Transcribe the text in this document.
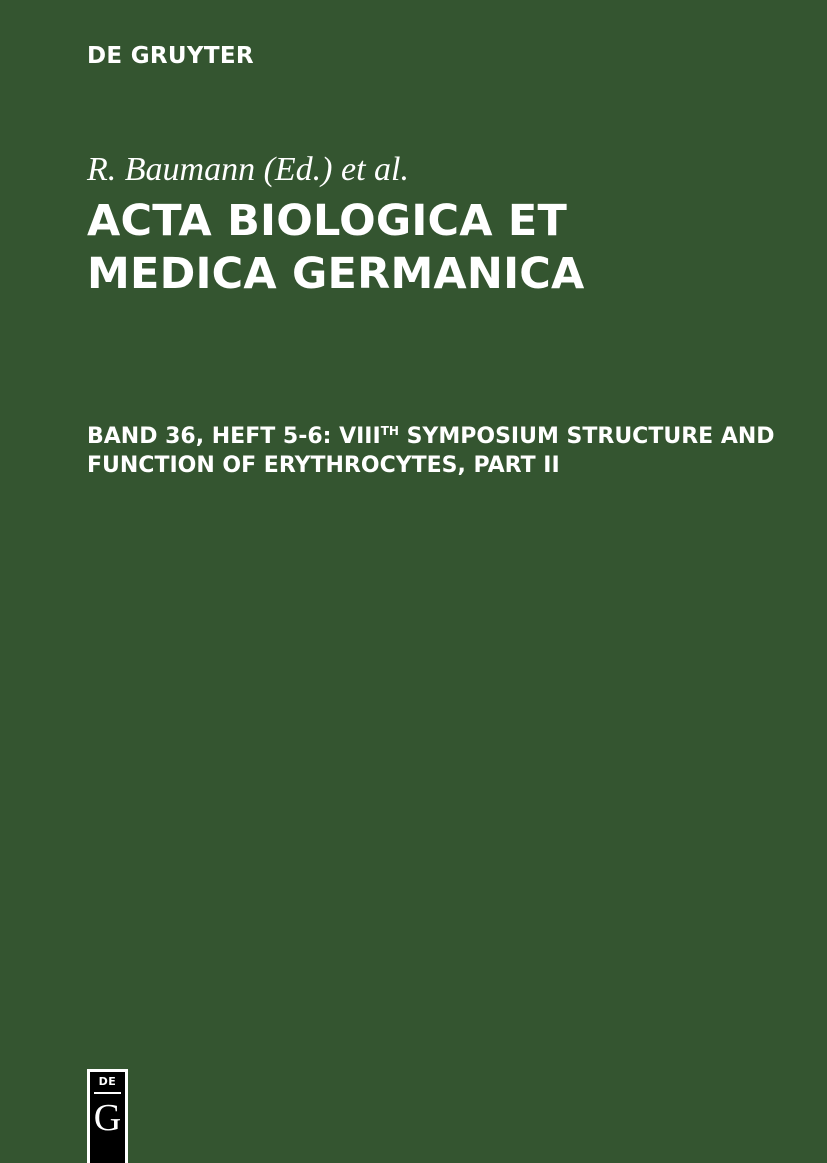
DE GRUYTER
R. Baumann (Ed.) et al.
ACTA BIOLOGICA ET
MEDICA GERMANICA
BAND 36, HEFT 5-6: VIIITH SYMPOSIUM STRUCTURE AND
FUNCTION OF ERYTHROCYTES, PART II
DE
G
